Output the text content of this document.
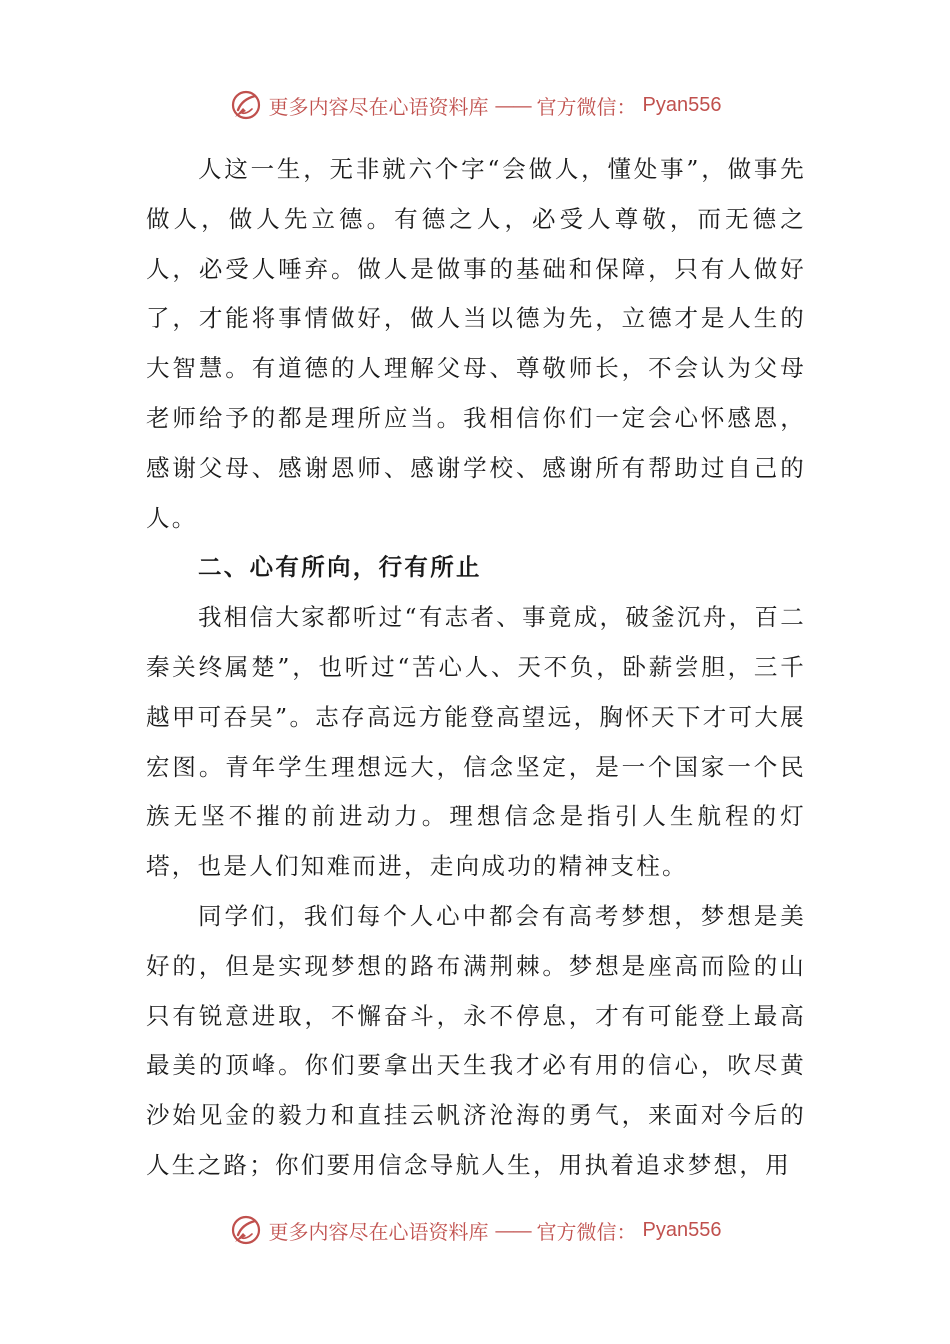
更多内容尽在心语资料库 —— 官方微信： Pyan556

人这一生，无非就六个字“会做人，懂处事”，做事先做人，做人先立德。有德之人，必受人尊敬，而无德之人，必受人唾弃。做人是做事的基础和保障，只有人做好了，才能将事情做好，做人当以德为先，立德才是人生的大智慧。有道德的人理解父母、尊敬师长，不会认为父母老师给予的都是理所应当。我相信你们一定会心怀感恩，感谢父母、感谢恩师、感谢学校、感谢所有帮助过自己的人。

二、心有所向，行有所止

我相信大家都听过“有志者、事竟成，破釜沉舟，百二秦关终属楚”，也听过“苦心人、天不负，卧薪尝胆，三千越甲可吞吴”。志存高远方能登高望远，胸怀天下才可大展宏图。青年学生理想远大，信念坚定，是一个国家一个民族无坚不摧的前进动力。理想信念是指引人生航程的灯塔，也是人们知难而进，走向成功的精神支柱。

同学们，我们每个人心中都会有高考梦想，梦想是美好的，但是实现梦想的路布满荆棘。梦想是座高而险的山只有锐意进取，不懈奋斗，永不停息，才有可能登上最高最美的顶峰。你们要拿出天生我才必有用的信心，吹尽黄沙始见金的毅力和直挂云帆济沧海的勇气，来面对今后的人生之路；你们要用信念导航人生，用执着追求梦想，用

更多内容尽在心语资料库 —— 官方微信： Pyan556
